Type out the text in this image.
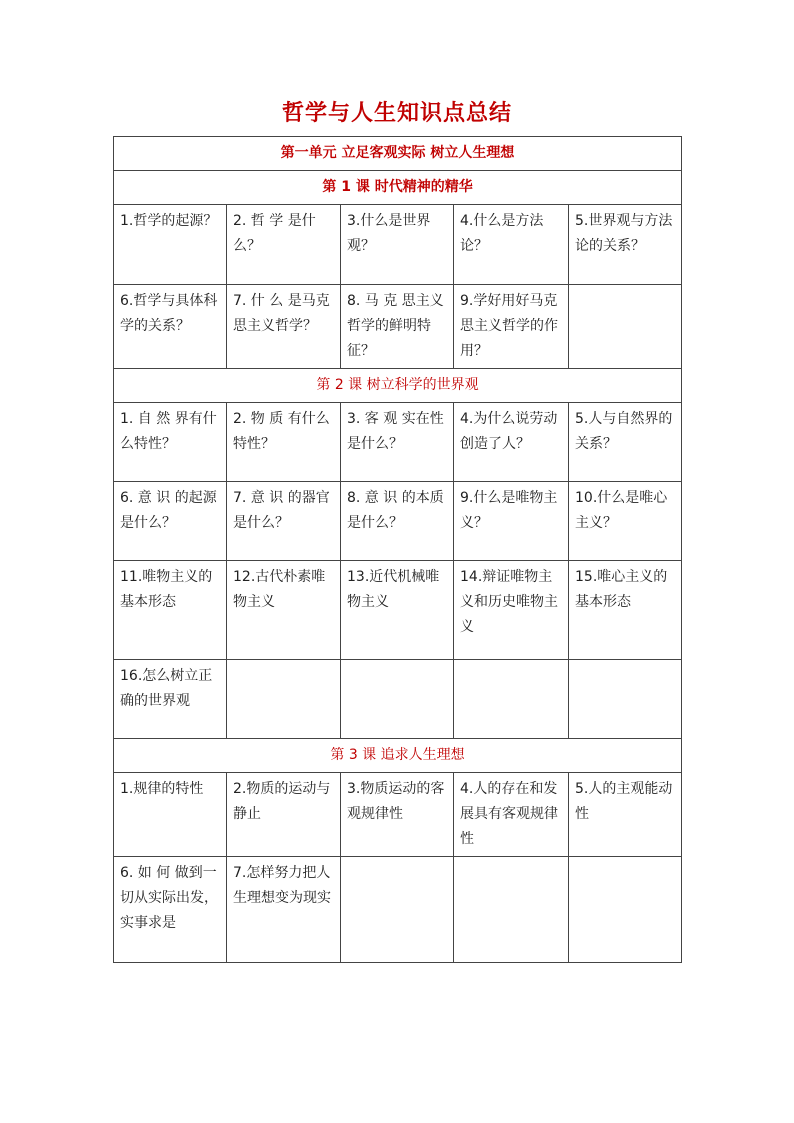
哲学与人生知识点总结
第一单元 立足客观实际 树立人生理想				
第 1 课 时代精神的精华				
1.哲学的起源？	2. 哲 学 是什么？	3.什么是世界观？	4.什么是方法论？	5.世界观与方法论的关系？
6.哲学与具体科学的关系？	7. 什 么 是马克思主义哲学？	8. 马 克 思主义哲学的鲜明特征？	9.学好用好马克思主义哲学的作用？	
第 2 课 树立科学的世界观				
1. 自 然 界有什么特性？	2. 物 质 有什么特性？	3. 客 观 实在性是什么？	4.为什么说劳动创造了人？	5.人与自然界的关系？
6. 意 识 的起源是什么？	7. 意 识 的器官是什么？	8. 意 识 的本质是什么？	9.什么是唯物主义？	10.什么是唯心主义？
11.唯物主义的基本形态	12.古代朴素唯物主义	13.近代机械唯物主义	14.辩证唯物主义和历史唯物主义	15.唯心主义的基本形态
16.怎么树立正确的世界观				
第 3 课 追求人生理想				
1.规律的特性	2.物质的运动与静止	3.物质运动的客观规律性	4.人的存在和发展具有客观规律性	5.人的主观能动性
6. 如 何 做到一切从实际出发，实事求是	7.怎样努力把人生理想变为现实			
